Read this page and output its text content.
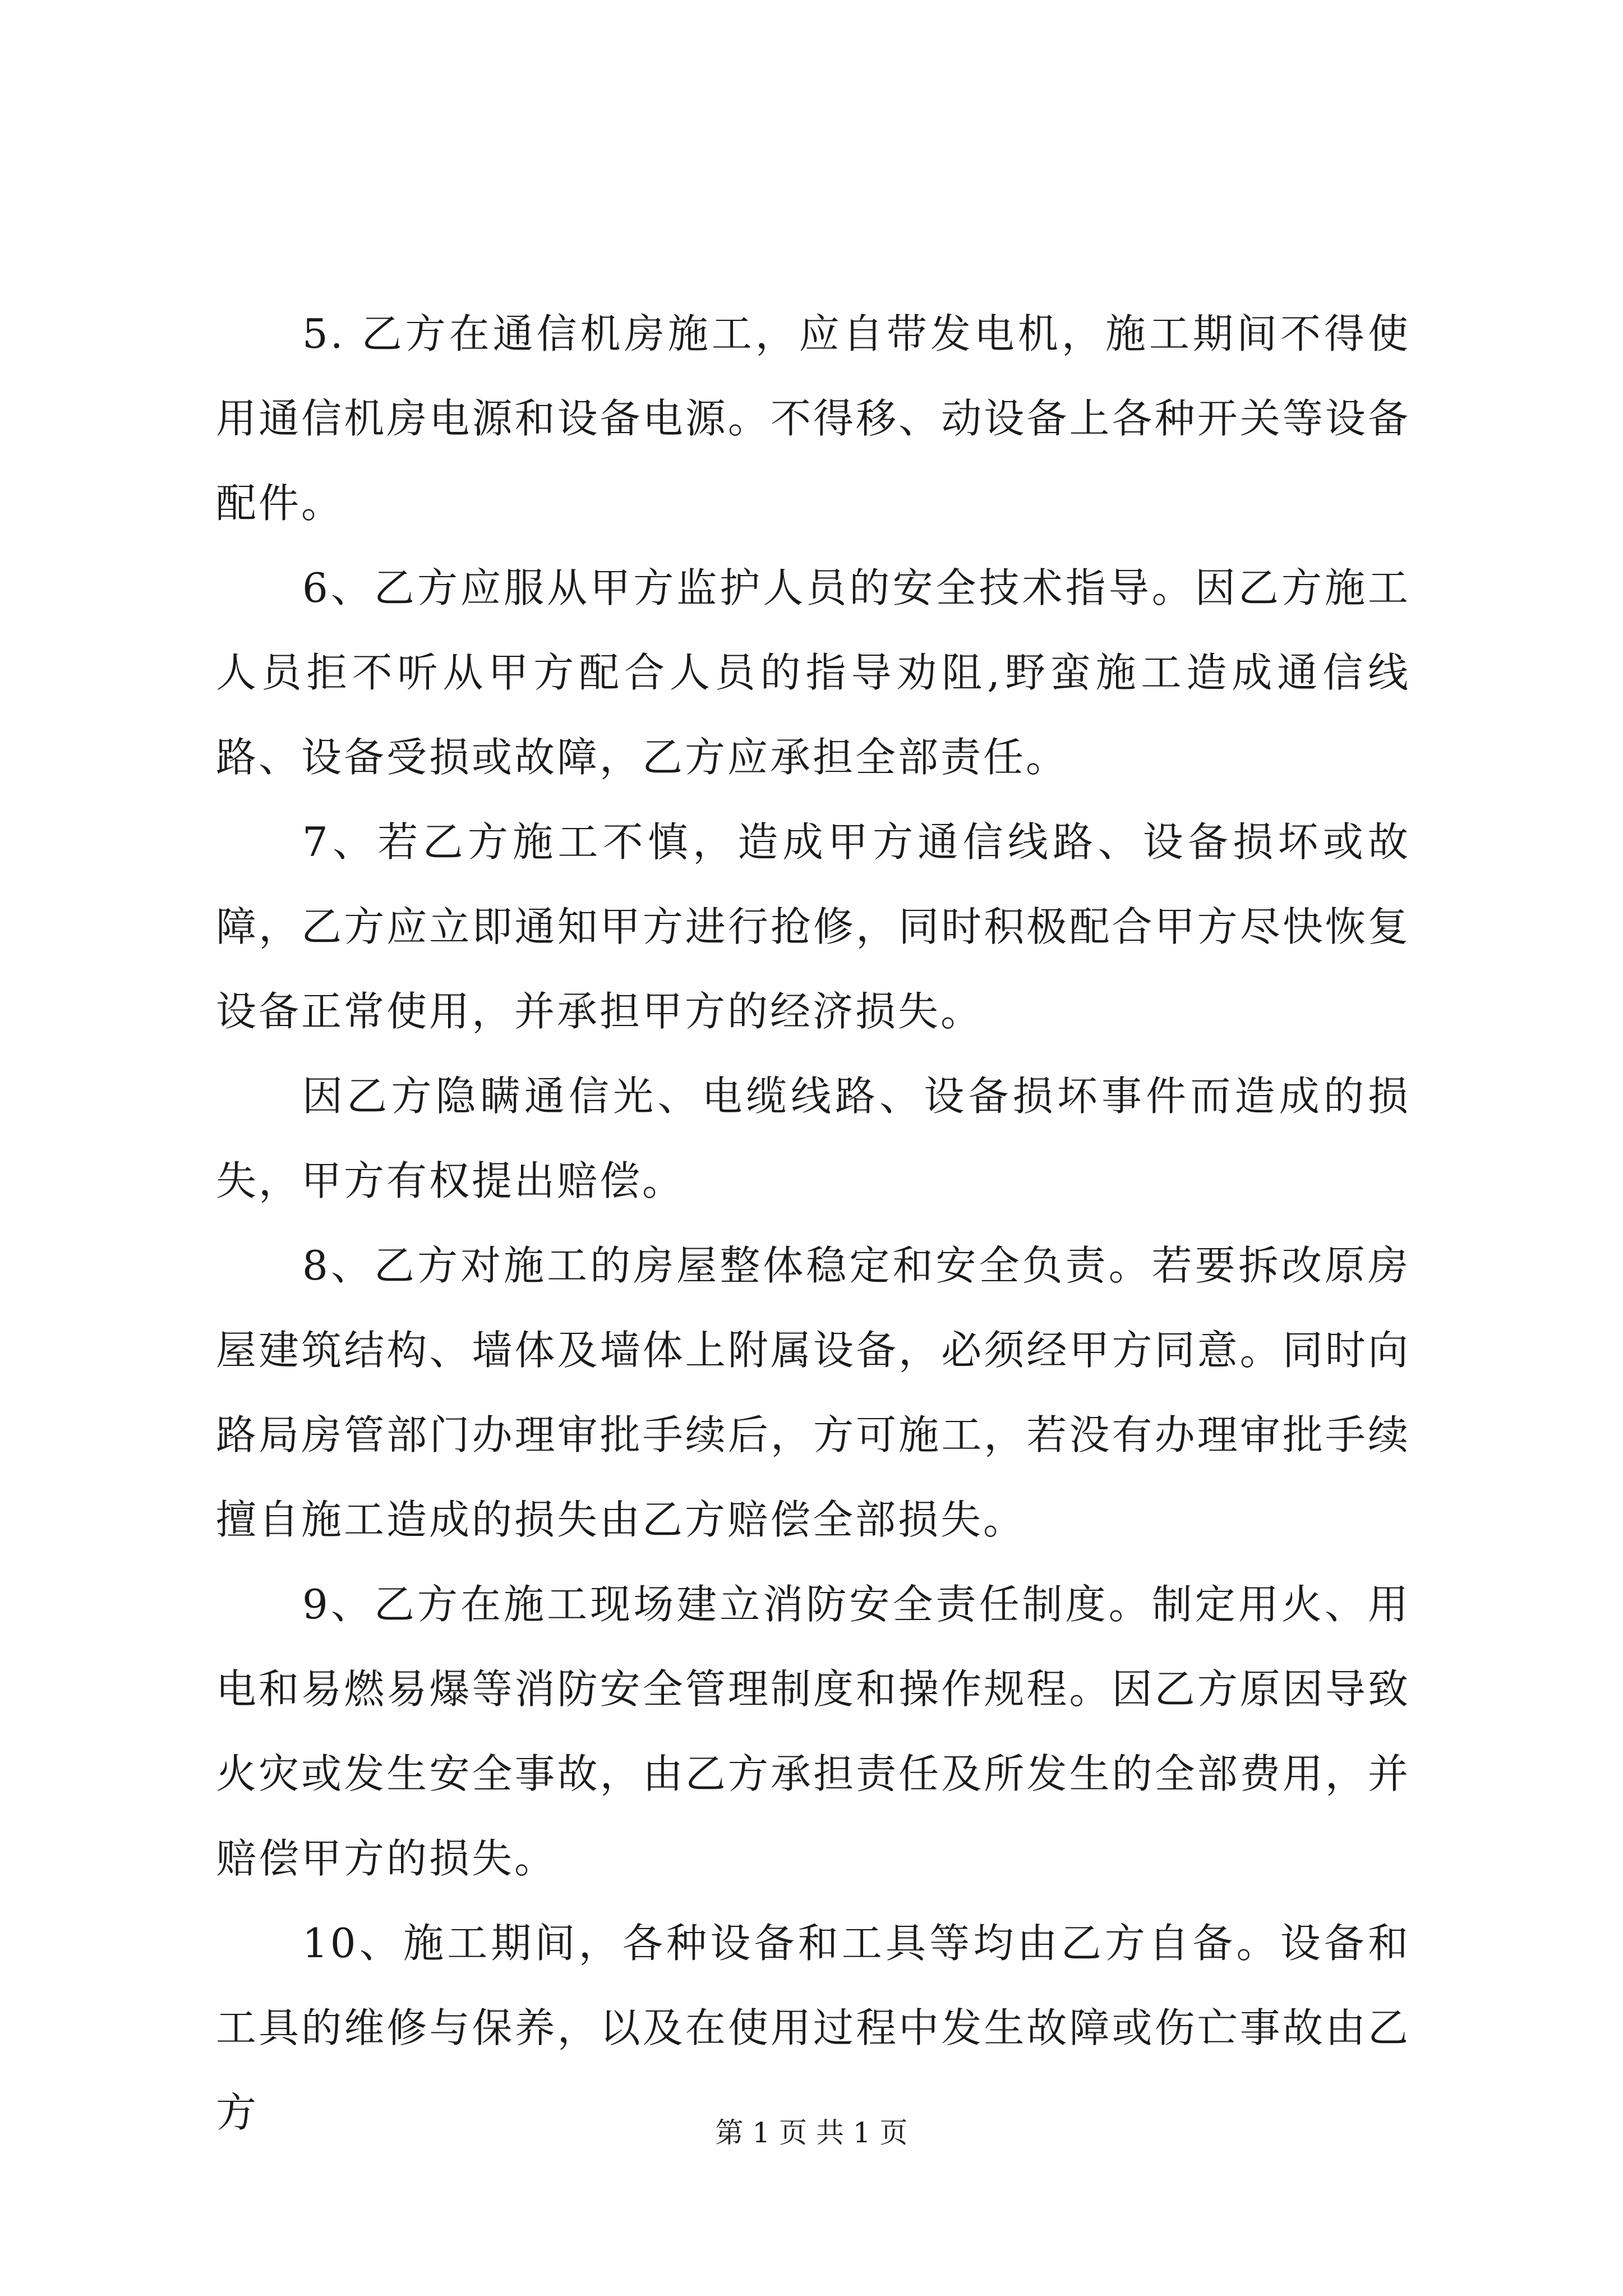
5. 乙方在通信机房施工，应自带发电机，施工期间不得使用通信机房电源和设备电源。不得移、动设备上各种开关等设备配件。

6、乙方应服从甲方监护人员的安全技术指导。因乙方施工人员拒不听从甲方配合人员的指导劝阻,野蛮施工造成通信线路、设备受损或故障，乙方应承担全部责任。

7、若乙方施工不慎，造成甲方通信线路、设备损坏或故障，乙方应立即通知甲方进行抢修，同时积极配合甲方尽快恢复设备正常使用，并承担甲方的经济损失。

因乙方隐瞒通信光、电缆线路、设备损坏事件而造成的损失，甲方有权提出赔偿。

8、乙方对施工的房屋整体稳定和安全负责。若要拆改原房屋建筑结构、墙体及墙体上附属设备，必须经甲方同意。同时向路局房管部门办理审批手续后，方可施工，若没有办理审批手续擅自施工造成的损失由乙方赔偿全部损失。

9、乙方在施工现场建立消防安全责任制度。制定用火、用电和易燃易爆等消防安全管理制度和操作规程。因乙方原因导致火灾或发生安全事故，由乙方承担责任及所发生的全部费用，并赔偿甲方的损失。

10、施工期间，各种设备和工具等均由乙方自备。设备和工具的维修与保养，以及在使用过程中发生故障或伤亡事故由乙方	第 1 页 共 1 页
